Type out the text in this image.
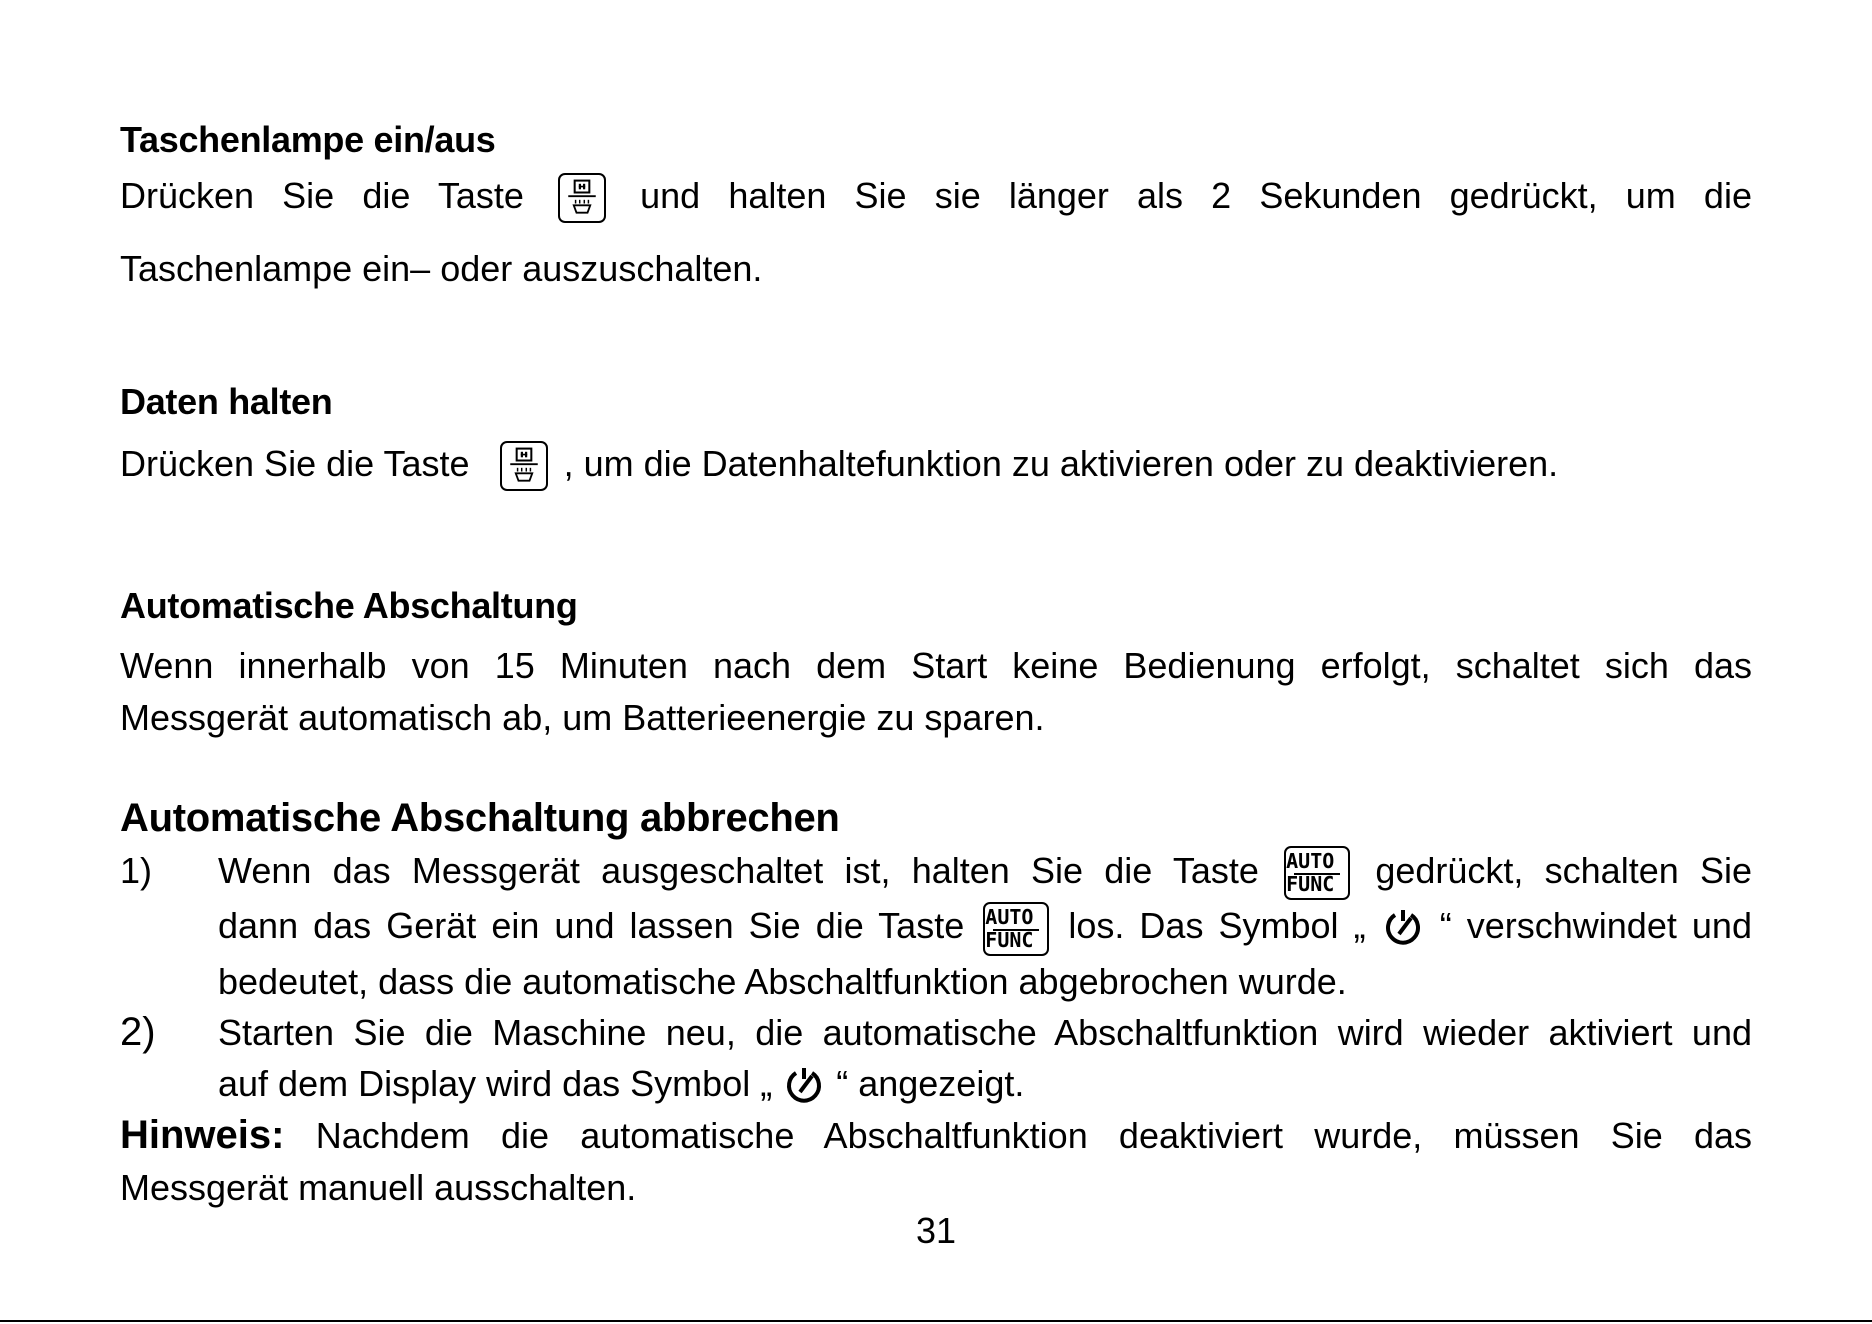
Taschenlampe ein/aus

Drücken Sie die Taste	und halten Sie sie länger als 2 Sekunden gedrückt, um die

Taschenlampe ein– oder auszuschalten.

Daten halten

Drücken Sie die Taste	, um die Datenhaltefunktion zu aktivieren oder zu deaktivieren.

Automatische Abschaltung

Wenn innerhalb von 15 Minuten nach dem Start keine Bedienung erfolgt, schaltet sich das

Messgerät automatisch ab, um Batterieenergie zu sparen.

Automatische Abschaltung abbrechen
1) Wenn das Messgerät ausgeschaltet ist, halten Sie die Taste AUTO
FUNC	gedrückt, schalten Sie
dann das Gerät ein und lassen Sie die Taste AUTO
FUNC los. Das Symbol „ “ verschwindet und
bedeutet, dass die automatische Abschaltfunktion abgebrochen wurde.
2) Starten Sie die Maschine neu, die automatische Abschaltfunktion wird wieder aktiviert und
auf dem Display wird das Symbol „ “ angezeigt.
Hinweis: Nachdem die automatische Abschaltfunktion deaktiviert wurde, müssen Sie das
Messgerät manuell ausschalten.
31
